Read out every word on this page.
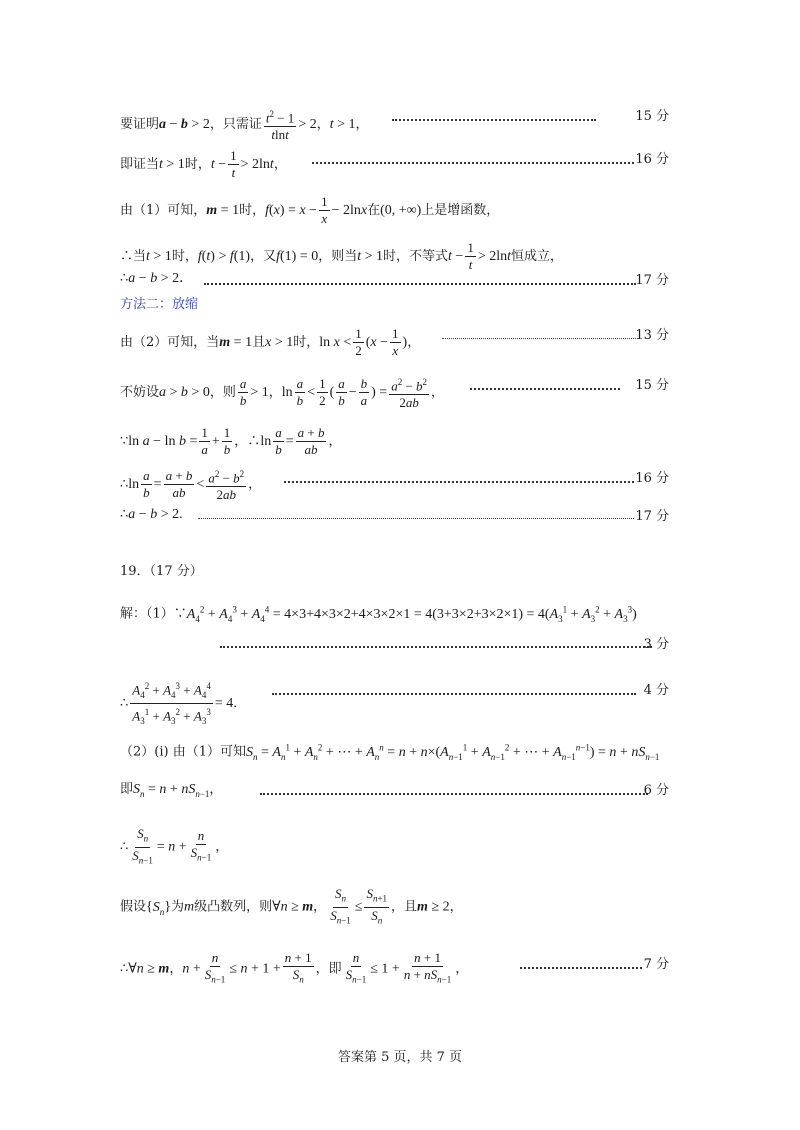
要证明a − b > 2，只需证 $\frac{t^2 - 1}{tlnt} > 2$，t > 1，
15 分
即证当t > 1时，$t - \frac{1}{t} > 2\ln t$，	16 分
由（1）可知，m = 1时，$f(x) = x - \frac{1}{x} - 2\ln x$在(0, +∞)上是增函数，
∴当t > 1时，f(t) > f(1)，又f(1) = 0，则当t > 1时，不等式$t - \frac{1}{t} > 2\ln t$恒成立，
∴a − b > 2．	17 分
方法二：放缩
由（2）可知，当m = 1且x > 1时，$\ln x < \frac{1}{2} (x - \frac{1}{x}$ )，	13 分
不妨设a > b > 0，则 $\frac{a}{b} > 1$，$\ln \frac{a}{b} < \frac{1}{2}$ ( $\frac{a}{b} - \frac{b}{a}$ ) = $\frac{a^2 - b^2}{2ab}$ ，	15 分
∵ln $a - \ln b = \frac{1}{a} + \frac{1}{b}$ ，∴ln $\frac{a}{b} = \frac{a + b}{ab}$ ，
∴ln $\frac{a}{b} = \frac{a + b}{ab} < \frac{a^2 - b^2}{2ab}$ ，	16 分
∴a − b > 2.	17 分
19．（17 分）
解：$(1)\because A_4^2 + A_4^3 + A_4^4 = 4\times 3+4\times 3\times 2+4\times 3\times 2\times 1 = 4(3+3\times 2+3\times 2\times 1) = 4(A_3^1 + A_3^2 + A_3^3)$
3 分
∴ $\frac{A_4^2 + A_4^3 + A_4^4}{A_3^1 + A_3^2 + A_3^3} = 4$．
4 分
（2）(i) 由（1）可知$S_n = A_n^1 + A_n^2$ + ⋯ + $A_n^n = n + n\times(A_{n-1}^1 + A_{n-1}^2$ + ⋯ + $A_{n-1}^{n-1}) = n + nS_{n-1}$
即$S_n = n + nS_{n-1}$，	6 分
∴ $\frac{S_n}{S_{n-1}} = n + \frac{n}{S_{n-1}}$ ，
假设$\{S_n\}$为m级凸数列，则∀n ≥ m， $\frac{S_n}{S_{n-1}} \le \frac{S_{n+1}}{S_n}$ ，且m ≥ 2，
∴∀n ≥ m，$n + \frac{n}{S_{n-1}} \le n + 1 + \frac{n + 1}{S_n}$ ，即 $\frac{n}{S_{n-1}} \le 1 + \frac{n + 1}{n + nS_{n-1}}$ ，	7 分
答案第 5 页，共 7 页
